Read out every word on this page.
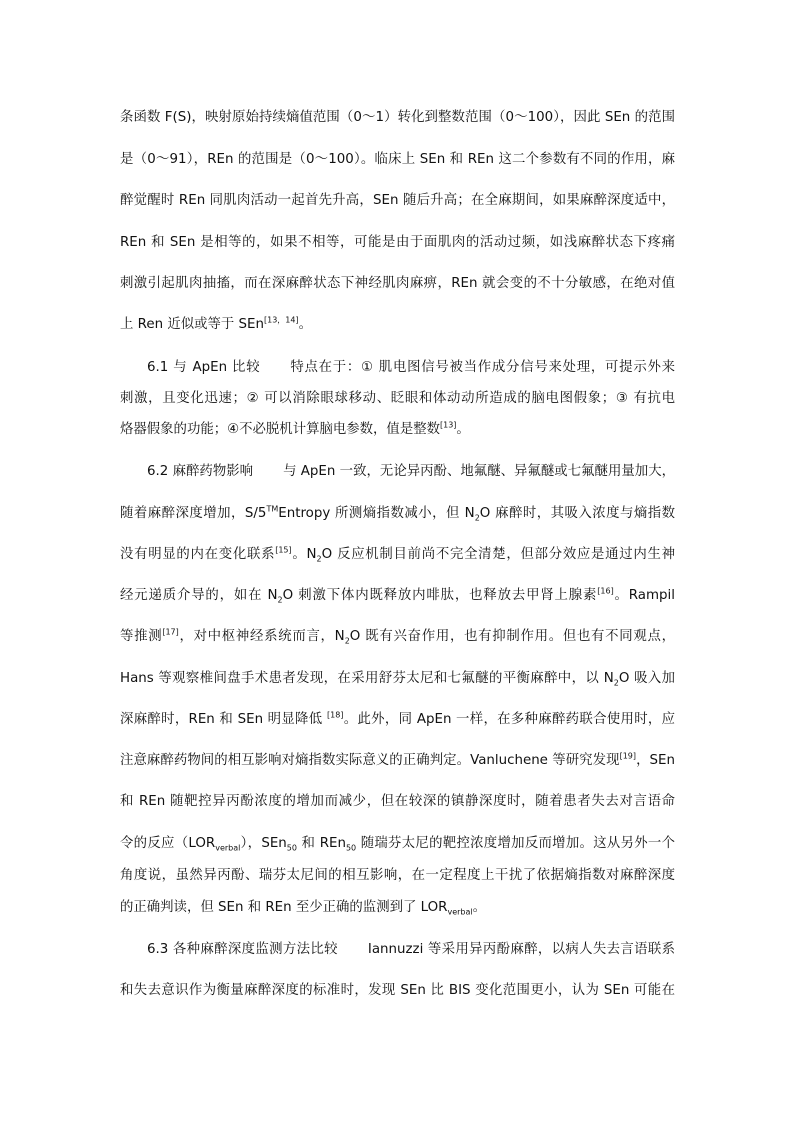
条函数 F(S)，映射原始持续熵值范围（0～1）转化到整数范围（0～100），因此 SEn 的范围
是（0～91），REn 的范围是（0～100）。临床上 SEn 和 REn 这二个参数有不同的作用，麻
醉觉醒时 REn 同肌肉活动一起首先升高，SEn 随后升高；在全麻期间，如果麻醉深度适中，
REn 和 SEn 是相等的，如果不相等，可能是由于面肌肉的活动过频，如浅麻醉状态下疼痛
刺激引起肌肉抽搐，而在深麻醉状态下神经肌肉麻痹，REn 就会变的不十分敏感，在绝对值
上 Ren 近似或等于 SEn[13，14]。
6.1 与 ApEn 比较 特点在于：① 肌电图信号被当作成分信号来处理，可提示外来
刺激，且变化迅速；② 可以消除眼球移动、眨眼和体动动所造成的脑电图假象；③ 有抗电
烙器假象的功能；④不必脱机计算脑电参数，值是整数[13]。
6.2 麻醉药物影响 与 ApEn 一致，无论异丙酚、地氟醚、异氟醚或七氟醚用量加大，
随着麻醉深度增加，S/5™Entropy 所测熵指数减小，但 $N_2O$ 麻醉时，其吸入浓度与熵指数
没有明显的内在变化联系[15]。$N_2O$ 反应机制目前尚不完全清楚，但部分效应是通过内生神
经元递质介导的，如在 $N_2O$ 刺激下体内既释放内啡肽，也释放去甲肾上腺素[16]。Rampil
等推测[17]，对中枢神经系统而言，$N_2O$ 既有兴奋作用，也有抑制作用。但也有不同观点，
Hans 等观察椎间盘手术患者发现，在采用舒芬太尼和七氟醚的平衡麻醉中，以 $N_2O$ 吸入加
深麻醉时，REn 和 SEn 明显降低 [18]。此外，同 ApEn 一样，在多种麻醉药联合使用时，应
注意麻醉药物间的相互影响对熵指数实际意义的正确判定。Vanluchene 等研究发现[19]，SEn
和 REn 随靶控异丙酚浓度的增加而减少，但在较深的镇静深度时，随着患者失去对言语命
令的反应$(LOR_{verbal})$，SEn$_{50}$ 和 REn$_{50}$ 随瑞芬太尼的靶控浓度增加反而增加。这从另外一个
角度说，虽然异丙酚、瑞芬太尼间的相互影响，在一定程度上干扰了依据熵指数对麻醉深度
的正确判读，但 SEn 和 REn 至少正确的监测到了 $LOR_{verbal}$。
6.3 各种麻醉深度监测方法比较 Iannuzzi 等采用异丙酚麻醉，以病人失去言语联系
和失去意识作为衡量麻醉深度的标准时，发现 SEn 比 BIS 变化范围更小，认为 SEn 可能在
